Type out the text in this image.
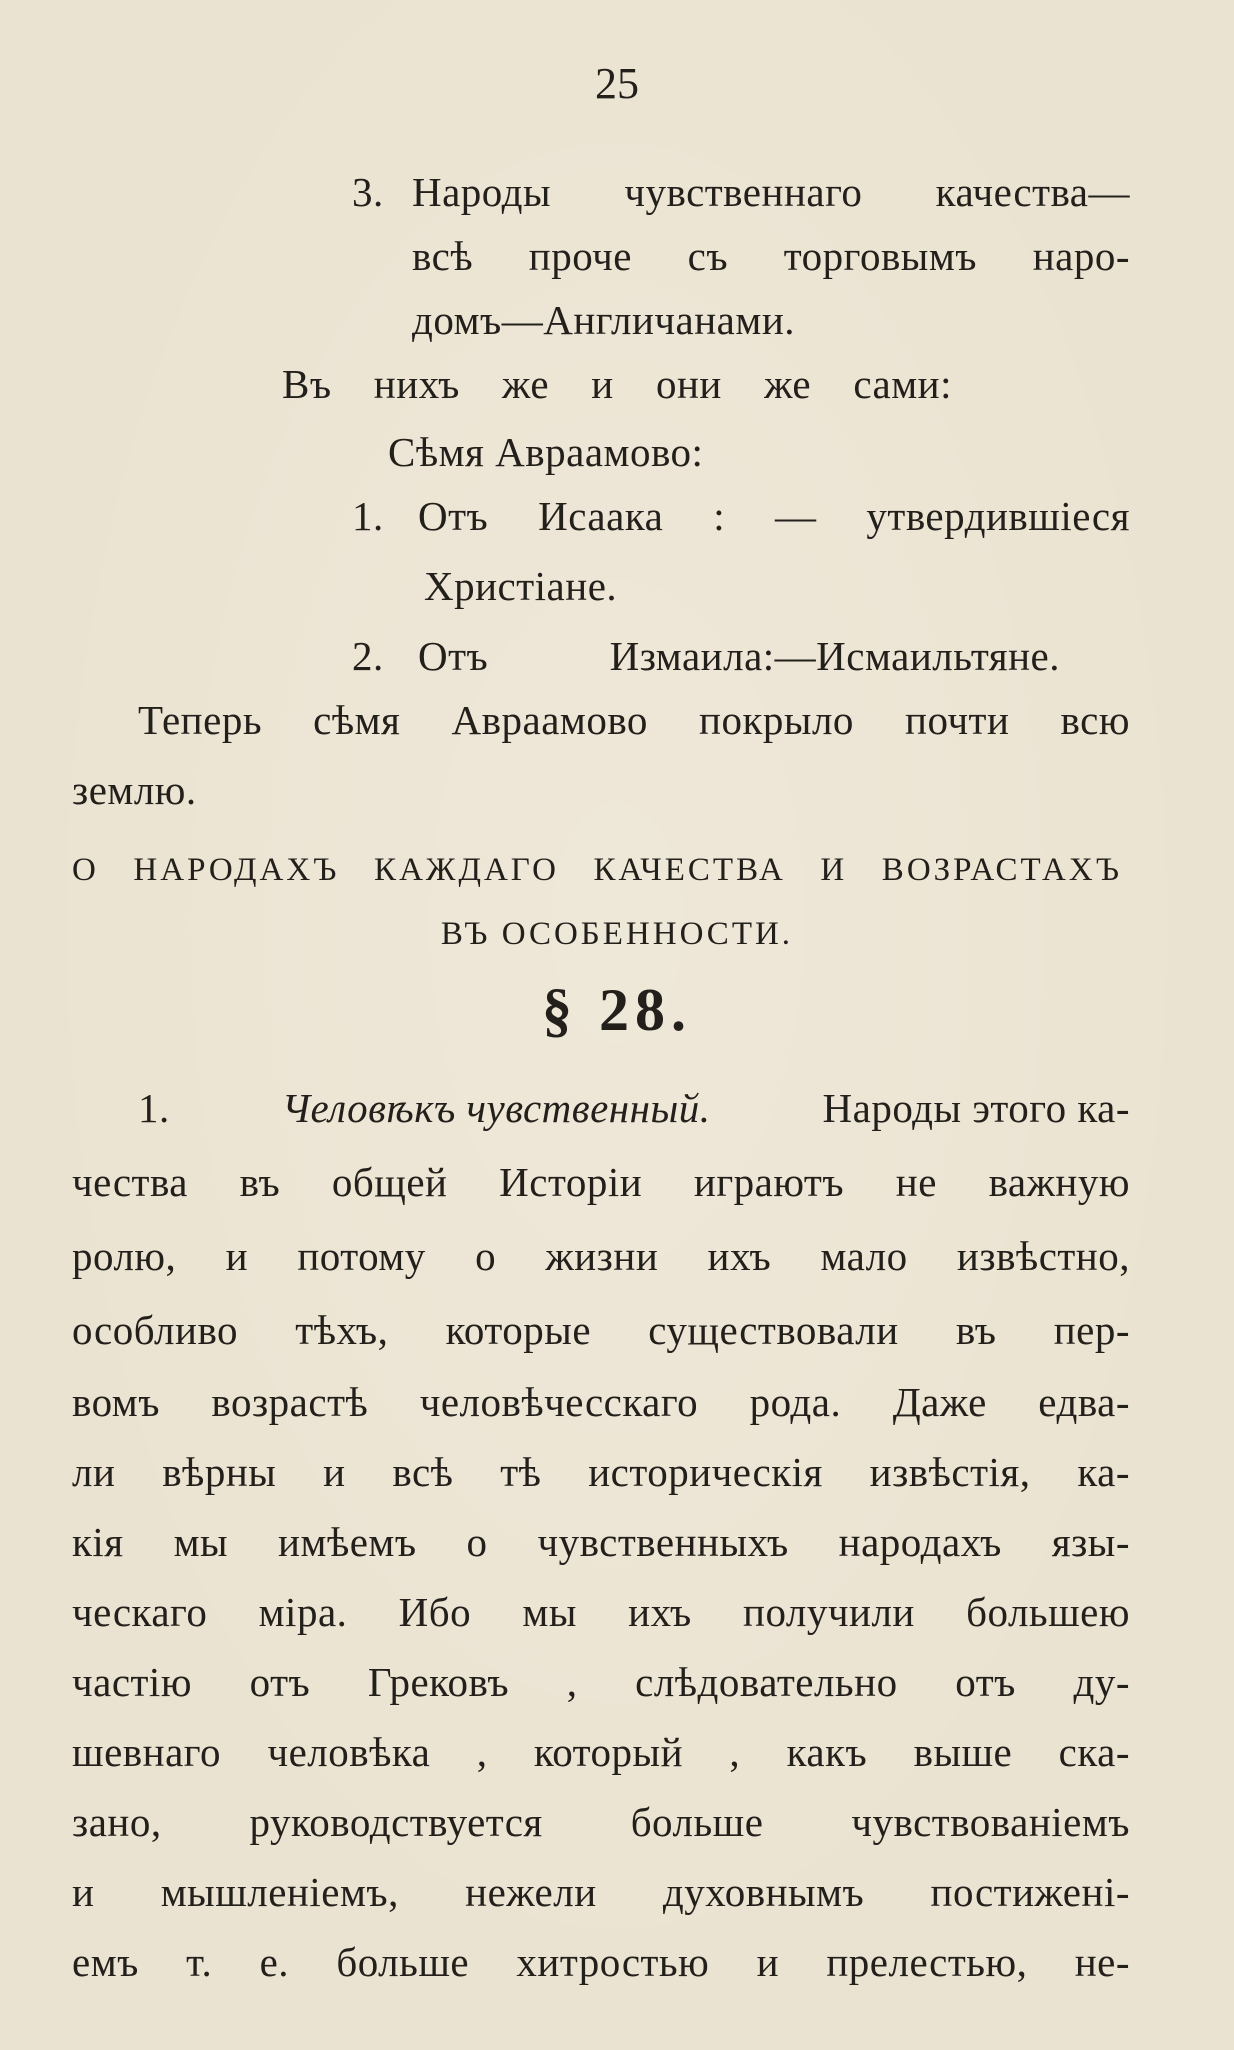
25
3. Народы чувственнаго качества—
всѣ проче съ торговымъ наро-
домъ—Англичанами.
Въ нихъ же и они же сами:
Сѣмя Авраамово:
1. Отъ Исаака : — утвердившіеся
Христiане.
2. Отъ Измаила:—Исмаильтяне.
Теперь сѣмя Авраамово покрыло почти всю
землю.
О НАРОДАХЪ КАЖДАГО КАЧЕСТВА И ВОЗРАСТАХЪ
ВЪ ОСОБЕННОСТИ.
§ 28.
1.	Человѣкъ чувственный.	Народы этого ка-
чества въ общей Исторіи играютъ не важную
ролю, и потому о жизни ихъ мало извѣстно,
особливо тѣхъ, которые существовали въ пер-
вомъ возрастѣ человѣчесскаго рода. Даже едва-
ли вѣрны и всѣ тѣ историческія извѣстія, ка-
кія мы имѣемъ о чувственныхъ народахъ язы-
ческаго міра. Ибо мы ихъ получили большею
частію отъ Грековъ , слѣдовательно отъ ду-
шевнаго человѣка , который , какъ выше ска-
зано, руководствуется больше чувствованіемъ
и мышленіемъ, нежели духовнымъ постиженi-
емъ т. е. больше хитростью и прелестью, не-
